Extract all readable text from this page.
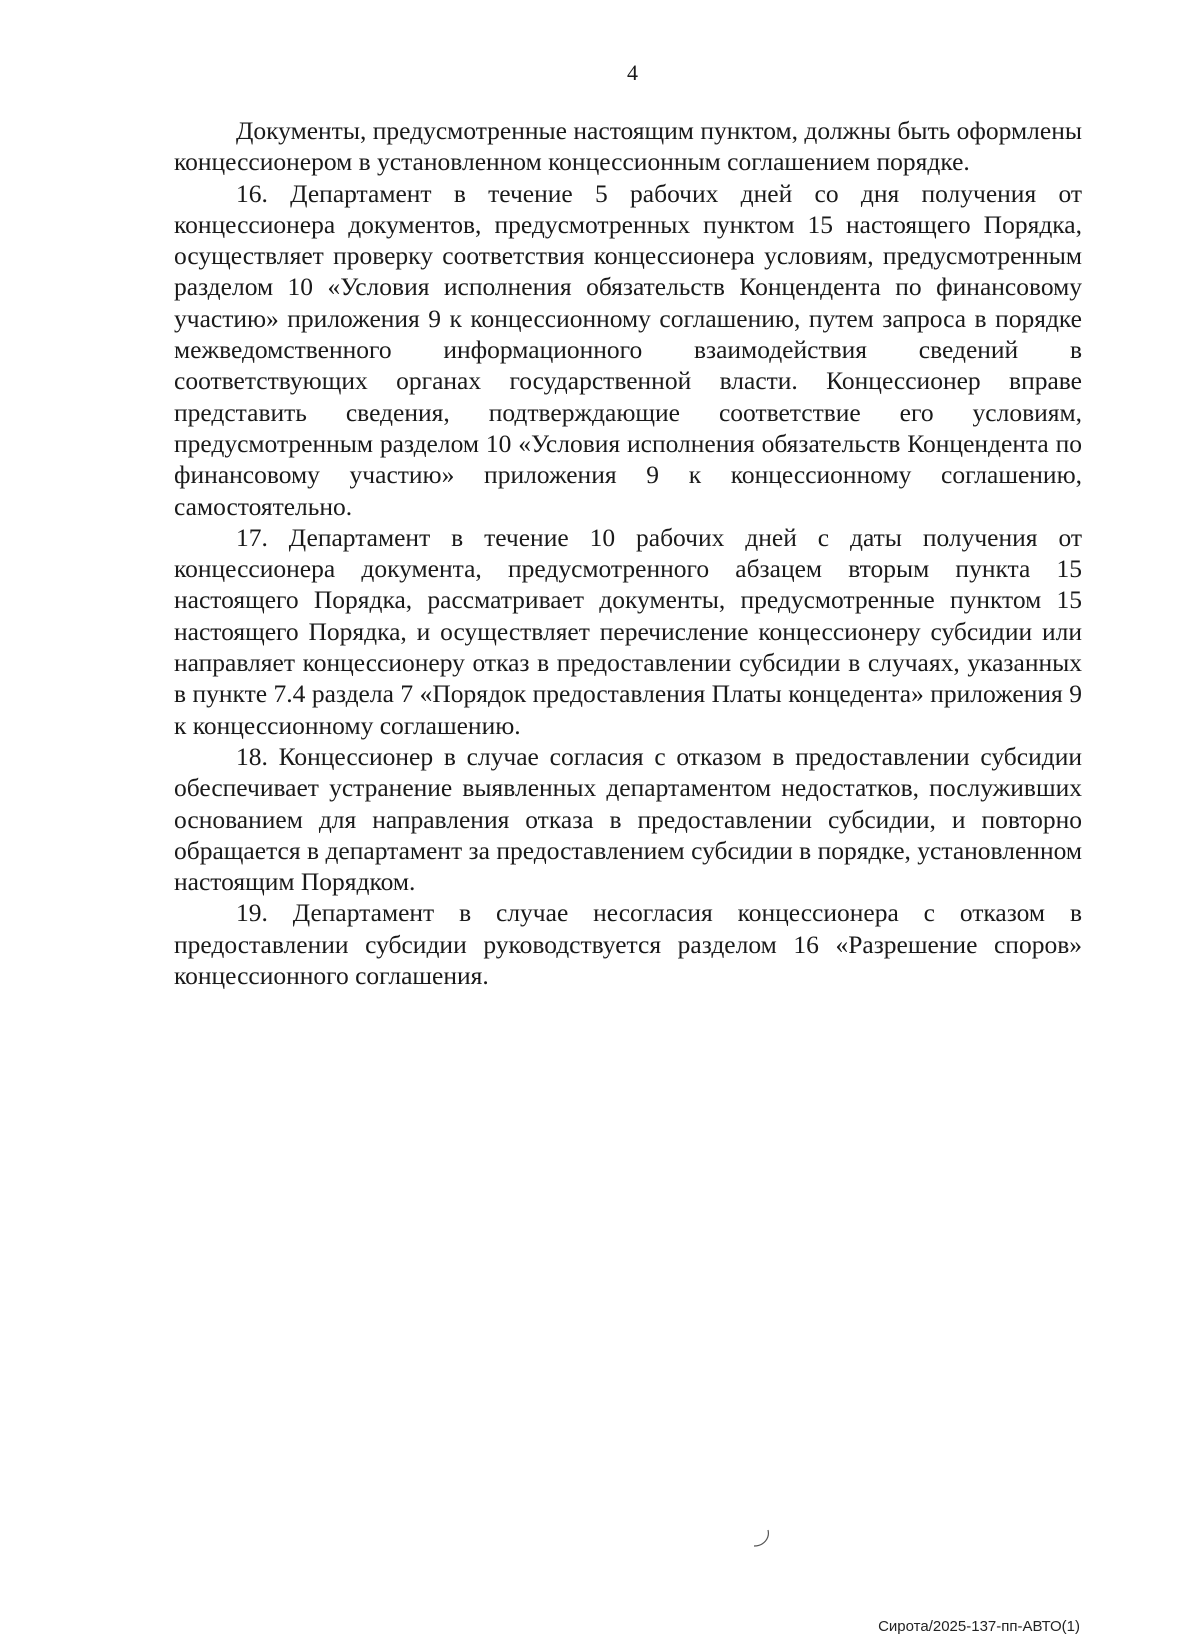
4

Документы, предусмотренные настоящим пунктом, должны быть оформлены концессионером в установленном концессионным соглашением порядке.

16. Департамент в течение 5 рабочих дней со дня получения от концессионера документов, предусмотренных пунктом 15 настоящего Порядка, осуществляет проверку соответствия концессионера условиям, предусмотренным разделом 10 «Условия исполнения обязательств Концендента по финансовому участию» приложения 9 к концессионному соглашению, путем запроса в порядке межведомственного информационного взаимодействия сведений в соответствующих органах государственной власти. Концессионер вправе представить сведения, подтверждающие соответствие его условиям, предусмотренным разделом 10 «Условия исполнения обязательств Концендента по финансовому участию» приложения 9 к концессионному соглашению, самостоятельно.

17. Департамент в течение 10 рабочих дней с даты получения от концессионера документа, предусмотренного абзацем вторым пункта 15 настоящего Порядка, рассматривает документы, предусмотренные пунктом 15 настоящего Порядка, и осуществляет перечисление концессионеру субсидии или направляет концессионеру отказ в предоставлении субсидии в случаях, указанных в пункте 7.4 раздела 7 «Порядок предоставления Платы концедента» приложения 9 к концессионному соглашению.

18. Концессионер в случае согласия с отказом в предоставлении субсидии обеспечивает устранение выявленных департаментом недостатков, послуживших основанием для направления отказа в предоставлении субсидии, и повторно обращается в департамент за предоставлением субсидии в порядке, установленном настоящим Порядком.

19. Департамент в случае несогласия концессионера с отказом в предоставлении субсидии руководствуется разделом 16 «Разрешение споров» концессионного соглашения.

Сирота/2025-137-пп-АВТО(1)
